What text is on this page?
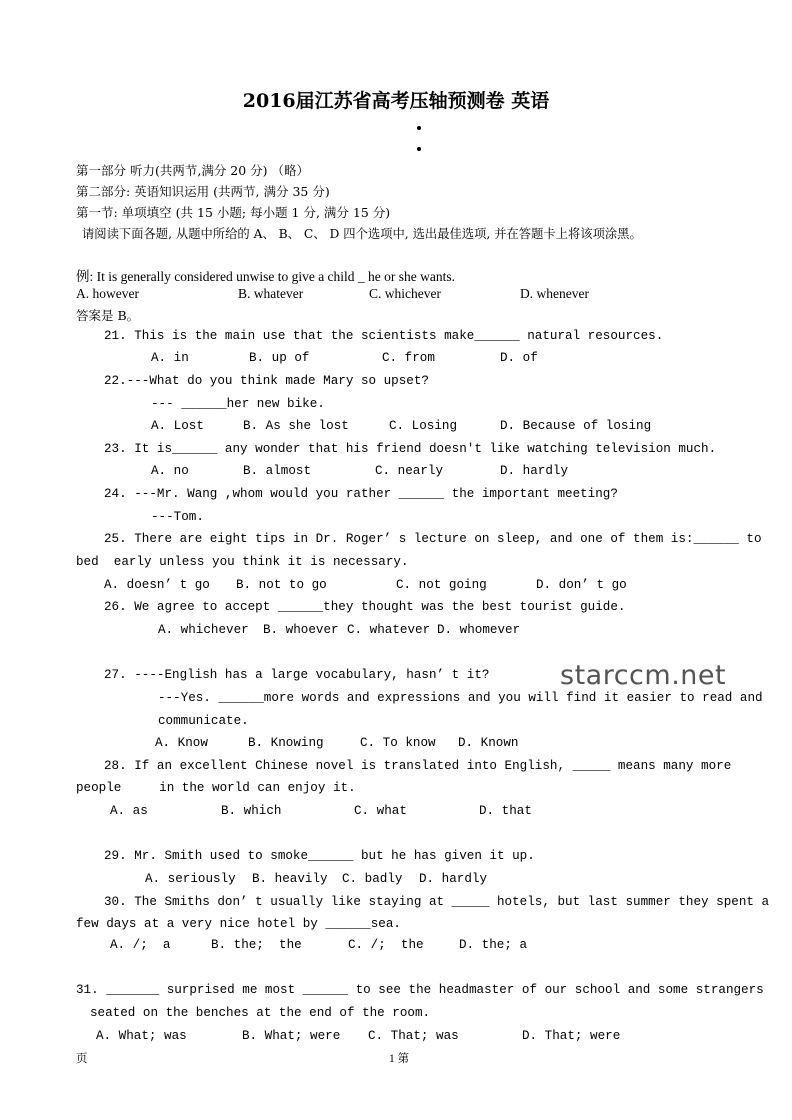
2016届江苏省高考压轴预测卷 英语
第一部分 听力(共两节,满分 20 分) （略）
第二部分: 英语知识运用 (共两节, 满分 35 分)
第一节: 单项填空 (共 15 小题; 每小题 1 分, 满分 15 分)
请阅读下面各题, 从题中所给的 A、 B、 C、 D 四个选项中, 选出最佳选项, 并在答题卡上将该项涂黑。
例: It is generally considered unwise to give a child _ he or she wants.
A. however	B. whatever	C. whichever	D. whenever
答案是 B。
21. This is the main use that the scientists make______ natural resources.
A. in	B. up of	C. from	D. of
22.---What do you think made Mary so upset?
--- ______her new bike.
A. Lost	B. As she lost	C. Losing	D. Because of losing
23. It is______ any wonder that his friend doesn't like watching television much.
A. no	B. almost	C. nearly	D. hardly
24. ---Mr. Wang ,whom would you rather ______ the important meeting?
---Tom.
25. There are eight tips in Dr. Roger’ s lecture on sleep, and one of them is:______ to
bed  early unless you think it is necessary.
A. doesn’ t go B. not to go	C. not going	D. don’ t go
26. We agree to accept ______they thought was the best tourist guide.
A. whichever B. whoever C. whatever D. whomever
27. ----English has a large vocabulary, hasn’ t it?
---Yes. ______more words and expressions and you will find it easier to read and
communicate.
A. Know	B. Knowing	C. To know D. Known
28. If an excellent Chinese novel is translated into English, _____ means many more
people     in the world can enjoy it.
A. as	B. which	C. what	D. that
29. Mr. Smith used to smoke______ but he has given it up.
A. seriously B. heavily C. badly D. hardly
30. The Smiths don’ t usually like staying at _____ hotels, but last summer they spent a
few days at a very nice hotel by ______sea.
A. /;  a	B. the;  the	C. /;  the	D. the; a
31. _______ surprised me most ______ to see the headmaster of our school and some strangers
seated on the benches at the end of the room.
A. What; was	B. What; were C. That; was	D. That; were
starccm.net
页	1 第
